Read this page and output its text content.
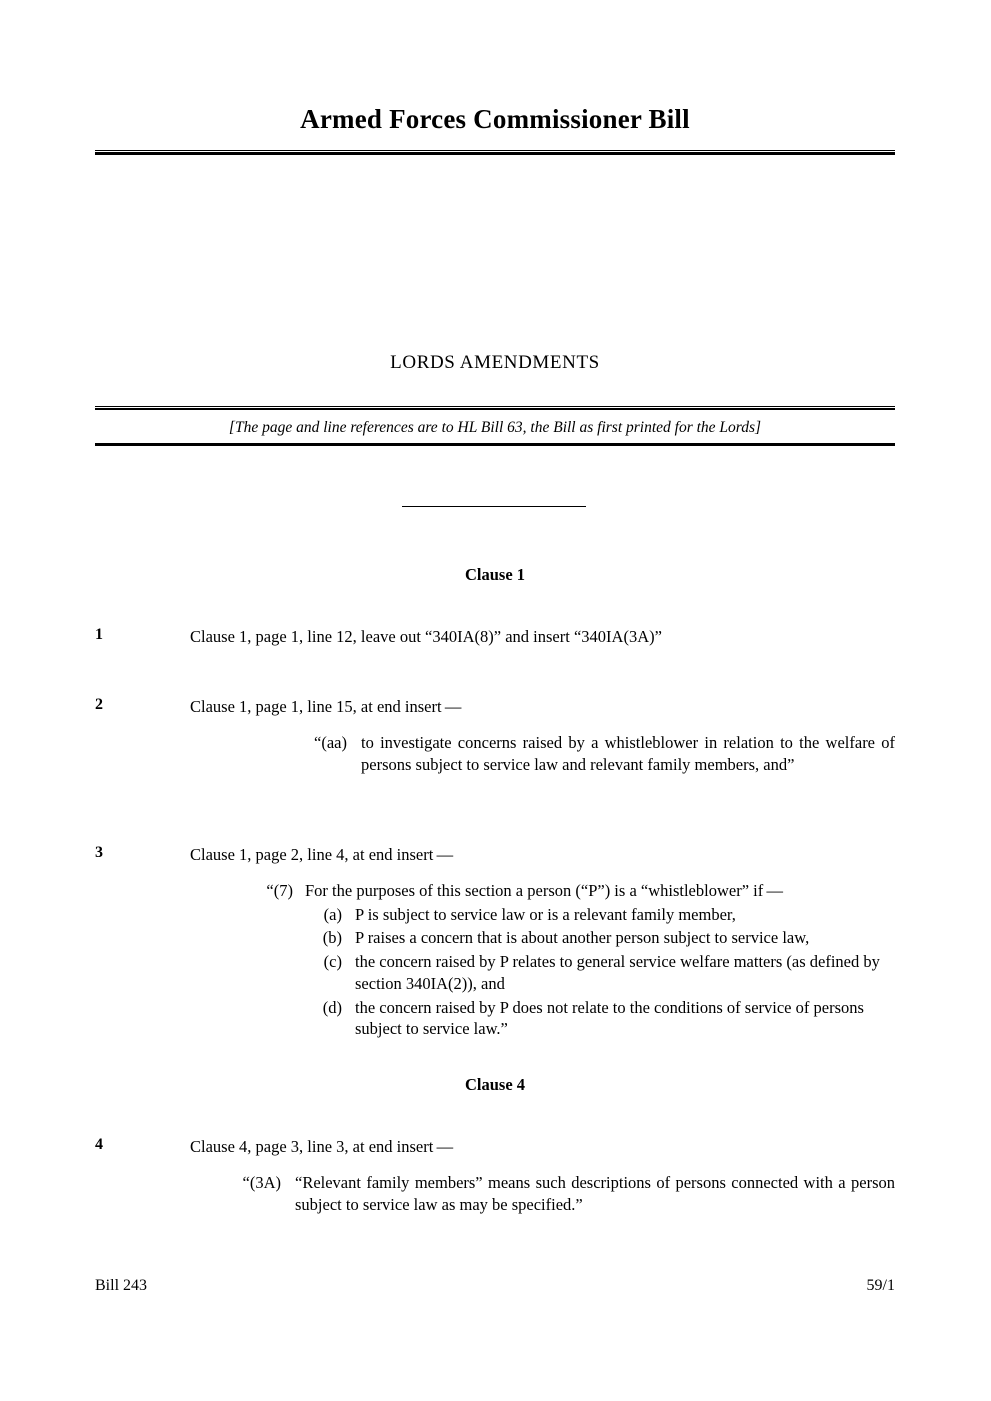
Armed Forces Commissioner Bill
LORDS AMENDMENTS
[The page and line references are to HL Bill 63, the Bill as first printed for the Lords]
Clause 1
1	Clause 1, page 1, line 12, leave out “340IA(8)” and insert “340IA(3A)”
2	Clause 1, page 1, line 15, at end insert —
“(aa) to investigate concerns raised by a whistleblower in relation to the welfare of persons subject to service law and relevant family members, and”
3	Clause 1, page 2, line 4, at end insert —
“(7) For the purposes of this section a person (“P”) is a “whistleblower” if —
(a) P is subject to service law or is a relevant family member,
(b) P raises a concern that is about another person subject to service law,
(c) the concern raised by P relates to general service welfare matters (as defined by section 340IA(2)), and
(d) the concern raised by P does not relate to the conditions of service of persons subject to service law.”
Clause 4
4	Clause 4, page 3, line 3, at end insert —
“(3A) “Relevant family members” means such descriptions of persons connected with a person subject to service law as may be specified.”
Bill 243	59/1
